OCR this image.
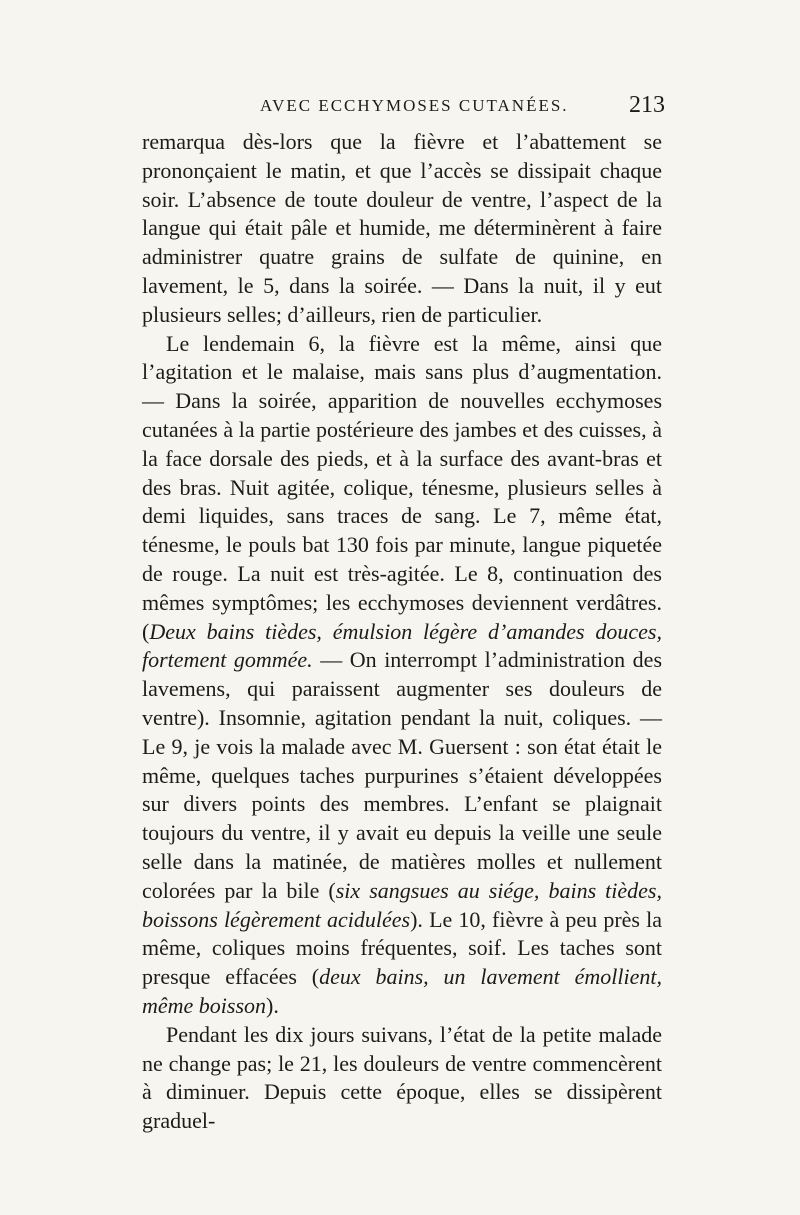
AVEC ECCHYMOSES CUTANÉES.	213

remarqua dès-lors que la fièvre et l’abattement se prononçaient le matin, et que l’accès se dissipait chaque soir. L’absence de toute douleur de ventre, l’aspect de la langue qui était pâle et humide, me déterminèrent à faire administrer quatre grains de sulfate de quinine, en lavement, le 5, dans la soirée. — Dans la nuit, il y eut plusieurs selles; d’ailleurs, rien de particulier.

Le lendemain 6, la fièvre est la même, ainsi que l’agitation et le malaise, mais sans plus d’augmentation. — Dans la soirée, apparition de nouvelles ecchymoses cutanées à la partie postérieure des jambes et des cuisses, à la face dorsale des pieds, et à la surface des avant-bras et des bras. Nuit agitée, colique, ténesme, plusieurs selles à demi liquides, sans traces de sang. Le 7, même état, ténesme, le pouls bat 130 fois par minute, langue piquetée de rouge. La nuit est très-agitée. Le 8, continuation des mêmes symptômes; les ecchymoses deviennent verdâtres. (Deux bains tièdes, émulsion légère d’amandes douces, fortement gommée. — On interrompt l’administration des lavemens, qui paraissent augmenter ses douleurs de ventre). Insomnie, agitation pendant la nuit, coliques. — Le 9, je vois la malade avec M. Guersent : son état était le même, quelques taches purpurines s’étaient développées sur divers points des membres. L’enfant se plaignait toujours du ventre, il y avait eu depuis la veille une seule selle dans la matinée, de matières molles et nullement colorées par la bile (six sangsues au siége, bains tièdes, boissons légèrement acidulées). Le 10, fièvre à peu près la même, coliques moins fréquentes, soif. Les taches sont presque effacées (deux bains, un lavement émollient, même boisson).

Pendant les dix jours suivans, l’état de la petite malade ne change pas; le 21, les douleurs de ventre commencèrent à diminuer. Depuis cette époque, elles se dissipèrent graduel-
